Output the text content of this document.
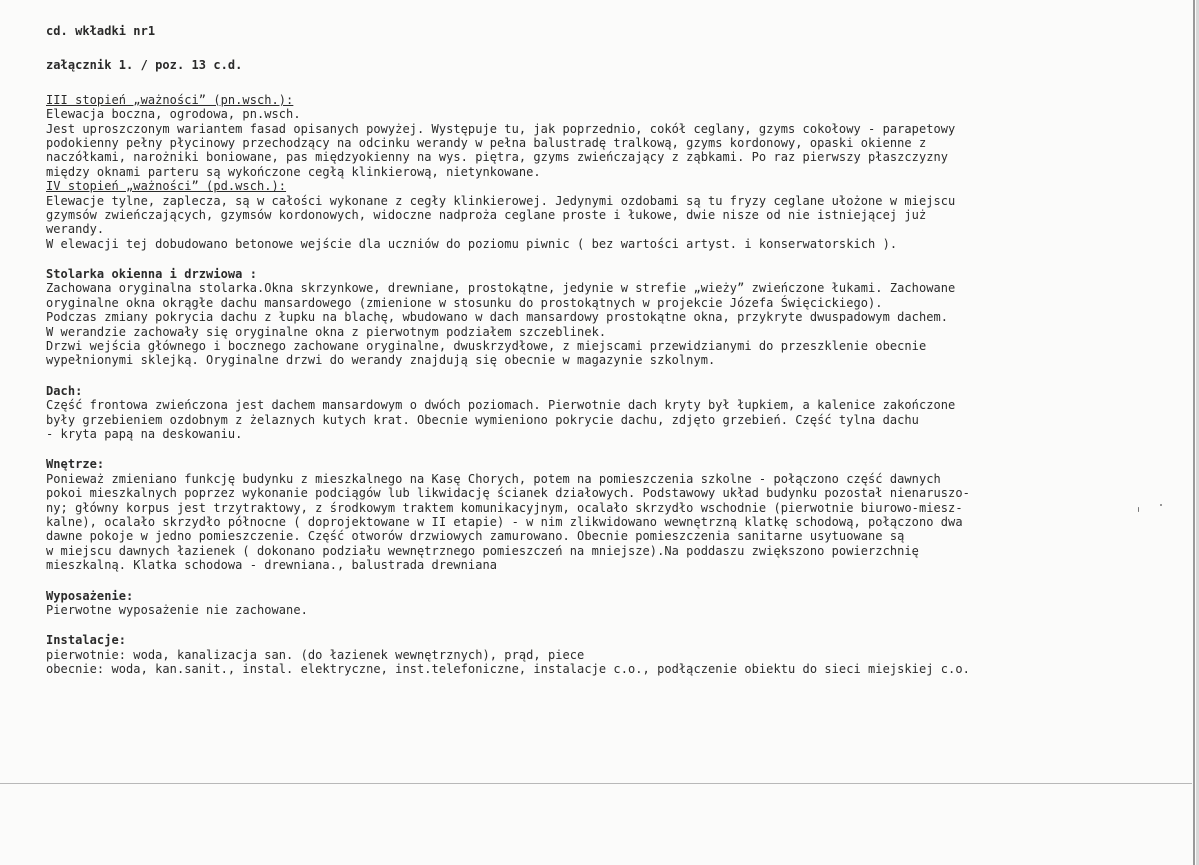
cd. wkładki nr1
załącznik 1. / poz. 13 c.d.
III stopień „ważności” (pn.wsch.):
Elewacja boczna, ogrodowa, pn.wsch.
Jest uproszczonym wariantem fasad opisanych powyżej. Występuje tu, jak poprzednio, cokół ceglany, gzyms cokołowy - parapetowy
podokienny pełny płycinowy przechodzący na odcinku werandy w pełna balustradę tralkową, gzyms kordonowy, opaski okienne z
naczółkami, narożniki boniowane, pas międzyokienny na wys. piętra, gzyms zwieńczający z ząbkami. Po raz pierwszy płaszczyzny
między oknami parteru są wykończone cegłą klinkierową, nietynkowane.
IV stopień „ważności” (pd.wsch.):
Elewacje tylne, zaplecza, są w całości wykonane z cegły klinkierowej. Jedynymi ozdobami są tu fryzy ceglane ułożone w miejscu
gzymsów zwieńczających, gzymsów kordonowych, widoczne nadproża ceglane proste i łukowe, dwie nisze od nie istniejącej już
werandy.
W elewacji tej dobudowano betonowe wejście dla uczniów do poziomu piwnic ( bez wartości artyst. i konserwatorskich ).
Stolarka okienna i drzwiowa :
Zachowana oryginalna stolarka.Okna skrzynkowe, drewniane, prostokątne, jedynie w strefie „wieży” zwieńczone łukami. Zachowane
oryginalne okna okrągłe dachu mansardowego (zmienione w stosunku do prostokątnych w projekcie Józefa Święcickiego).
Podczas zmiany pokrycia dachu z łupku na blachę, wbudowano w dach mansardowy prostokątne okna, przykryte dwuspadowym dachem.
W werandzie zachowały się oryginalne okna z pierwotnym podziałem szczeblinek.
Drzwi wejścia głównego i bocznego zachowane oryginalne, dwuskrzydłowe, z miejscami przewidzianymi do przeszklenie obecnie
wypełnionymi sklejką. Oryginalne drzwi do werandy znajdują się obecnie w magazynie szkolnym.
Dach:
Część frontowa zwieńczona jest dachem mansardowym o dwóch poziomach. Pierwotnie dach kryty był łupkiem, a kalenice zakończone
były grzebieniem ozdobnym z żelaznych kutych krat. Obecnie wymieniono pokrycie dachu, zdjęto grzebień. Część tylna dachu
- kryta papą na deskowaniu.
Wnętrze:
Ponieważ zmieniano funkcję budynku z mieszkalnego na Kasę Chorych, potem na pomieszczenia szkolne - połączono część dawnych
pokoi mieszkalnych poprzez wykonanie podciągów lub likwidację ścianek działowych. Podstawowy układ budynku pozostał nienaruszo-
ny; główny korpus jest trzytraktowy, z środkowym traktem komunikacyjnym, ocalało skrzydło wschodnie (pierwotnie biurowo-miesz-
kalne), ocalało skrzydło północne ( doprojektowane w II etapie) - w nim zlikwidowano wewnętrzną klatkę schodową, połączono dwa
dawne pokoje w jedno pomieszczenie. Część otworów drzwiowych zamurowano. Obecnie pomieszczenia sanitarne usytuowane są
w miejscu dawnych łazienek ( dokonano podziału wewnętrznego pomieszczeń na mniejsze).Na poddaszu zwiększono powierzchnię
mieszkalną. Klatka schodowa - drewniana., balustrada drewniana
Wyposażenie:
Pierwotne wyposażenie nie zachowane.
Instalacje:
pierwotnie: woda, kanalizacja san. (do łazienek wewnętrznych), prąd, piece
obecnie: woda, kan.sanit., instal. elektryczne, inst.telefoniczne, instalacje c.o., podłączenie obiektu do sieci miejskiej c.o.
